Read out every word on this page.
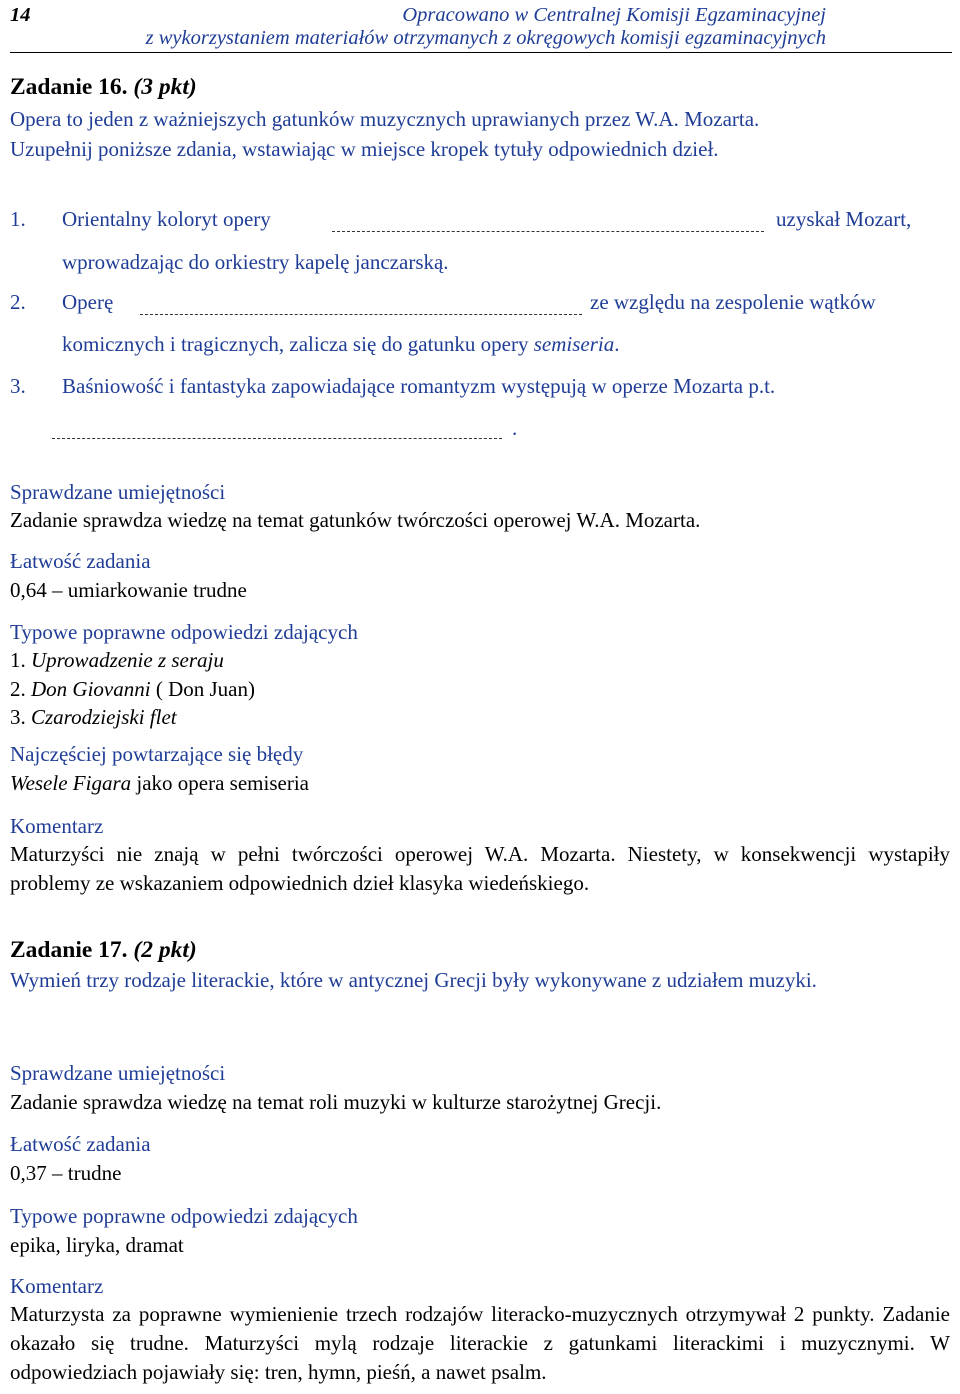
14	Opracowano w Centralnej Komisji Egzaminacyjnej
z wykorzystaniem materiałów otrzymanych z okręgowych komisji egzaminacyjnych
Zadanie 16. (3 pkt)
Opera to jeden z ważniejszych gatunków muzycznych uprawianych przez W.A. Mozarta.
Uzupełnij poniższe zdania, wstawiając w miejsce kropek tytuły odpowiednich dzieł.
1. Orientalny koloryt opery	uzyskał Mozart,
wprowadzając do orkiestry kapelę janczarską.
2. Operę	ze względu na zespolenie wątków
komicznych i tragicznych, zalicza się do gatunku opery semiseria.
3. Baśniowość i fantastyka zapowiadające romantyzm występują w operze Mozarta p.t.
.
Sprawdzane umiejętności
Zadanie sprawdza wiedzę na temat gatunków twórczości operowej W.A. Mozarta.
Łatwość zadania
0,64 – umiarkowanie trudne
Typowe poprawne odpowiedzi zdających
1. Uprowadzenie z seraju
2. Don Giovanni ( Don Juan)
3. Czarodziejski flet
Najczęściej powtarzające się błędy
Wesele Figara jako opera semiseria
Komentarz
Maturzyści nie znają w pełni twórczości operowej W.A. Mozarta. Niestety, w konsekwencji wystapiły problemy ze wskazaniem odpowiednich dzieł klasyka wiedeńskiego.
Zadanie 17. (2 pkt)
Wymień trzy rodzaje literackie, które w antycznej Grecji były wykonywane z udziałem muzyki.
Sprawdzane umiejętności
Zadanie sprawdza wiedzę na temat roli muzyki w kulturze starożytnej Grecji.
Łatwość zadania
0,37 – trudne
Typowe poprawne odpowiedzi zdających
epika, liryka, dramat
Komentarz
Maturzysta za poprawne wymienienie trzech rodzajów literacko-muzycznych otrzymywał 2 punkty. Zadanie okazało się trudne. Maturzyści mylą rodzaje literackie z gatunkami literackimi i muzycznymi. W odpowiedziach pojawiały się: tren, hymn, pieśń, a nawet psalm.
